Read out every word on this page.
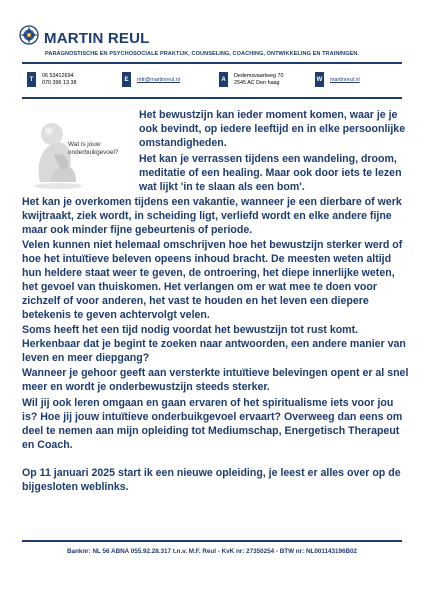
MARTIN REUL
PARAGNOSTISCHE EN PSYCHOSOCIALE PRAKTIJK, COUNSELING, COACHING, ONTWIKKELING EN TRAININGEN.
T
06 53412694
070 396 13 38
E	mfr@martinreul.nl	A
Dedemsvaartweg 70
2545 AC Den haag
W	martinreul.nl
Wat is jouw onderbuikgevoel?
Het bewustzijn kan ieder moment komen, waar je je ook bevindt, op iedere leeftijd en in elke persoonlijke omstandigheden.
Het kan je verrassen tijdens een wandeling, droom, meditatie of een healing. Maar ook door iets te lezen wat lijkt 'in te slaan als een bom'.
Het kan je overkomen tijdens een vakantie, wanneer je een dierbare of werk kwijtraakt, ziek wordt, in scheiding ligt, verliefd wordt en elke andere fijne maar ook minder fijne gebeurtenis of periode.
Velen kunnen niet helemaal omschrijven hoe het bewustzijn sterker werd of hoe het intuïtieve beleven opeens inhoud bracht. De meesten weten altijd hun heldere staat weer te geven, de ontroering, het diepe innerlijke weten, het gevoel van thuiskomen. Het verlangen om er wat mee te doen voor zichzelf of voor anderen, het vast te houden en het leven een diepere betekenis te geven achtervolgt velen.
Soms heeft het een tijd nodig voordat het bewustzijn tot rust komt. Herkenbaar dat je begint te zoeken naar antwoorden, een andere manier van leven en meer diepgang?
Wanneer je gehoor geeft aan versterkte intuïtieve belevingen opent er al snel meer en wordt je onderbewustzijn steeds sterker.
Wil jij ook leren omgaan en gaan ervaren of het spiritualisme iets voor jou is? Hoe jij jouw intuïtieve onderbuikgevoel ervaart? Overweeg dan eens om deel te nemen aan mijn opleiding tot Mediumschap, Energetisch Therapeut en Coach.
Op 11 januari 2025 start ik een nieuwe opleiding, je leest er alles over op de bijgesloten weblinks.
Banknr: NL 56 ABNA 055.92.28.317 t.n.v. M.F. Reul - KvK nr: 27350254 - BTW nr: NL001143196B02
